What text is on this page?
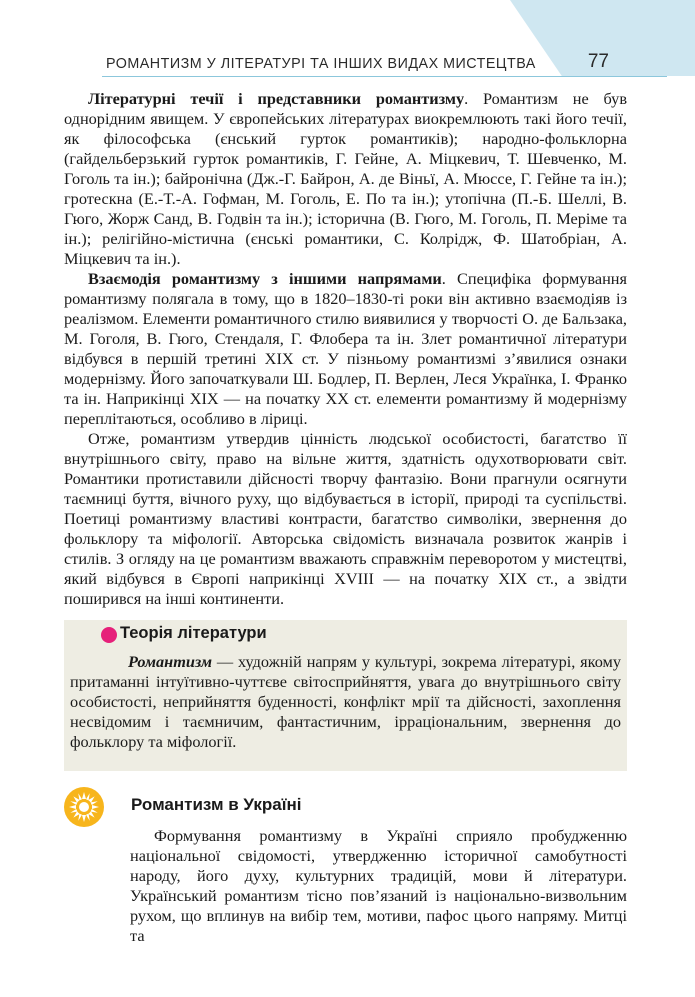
РОМАНТИЗМ У ЛІТЕРАТУРІ ТА ІНШИХ ВИДАХ МИСТЕЦТВА	77

Літературні течії і представники романтизму. Романтизм не був однорідним явищем. У європейських літературах виокремлюють такі його течії, як філософська (єнський гурток романтиків); народно-фольклорна (гайдельберзький гурток романтиків, Г. Гейне, А. Міцкевич, Т. Шевченко, М. Гоголь та ін.); байронічна (Дж.-Г. Байрон, А. де Віньї, А. Мюссе, Г. Гейне та ін.); гротескна (Е.-Т.-А. Гофман, М. Гоголь, Е. По та ін.); утопічна (П.-Б. Шеллі, В. Гюго, Жорж Санд, В. Годвін та ін.); історична (В. Гюго, М. Гоголь, П. Меріме та ін.); релігійно-містична (єнські романтики, С. Колрідж, Ф. Шатобріан, А. Міцкевич та ін.).

Взаємодія романтизму з іншими напрямами. Специфіка формування романтизму полягала в тому, що в 1820–1830-ті роки він активно взаємодіяв із реалізмом. Елементи романтичного стилю виявилися у творчості О. де Бальзака, М. Гоголя, В. Гюго, Стендаля, Г. Флобера та ін. Злет романтичної літератури відбувся в першій третині XIX ст. У пізньому романтизмі з’явилися ознаки модернізму. Його започаткували Ш. Бодлер, П. Верлен, Леся Українка, І. Франко та ін. Наприкінці XIX — на початку XX ст. елементи романтизму й модернізму переплітаються, особливо в ліриці.

Отже, романтизм утвердив цінність людської особистості, багатство її внутрішнього світу, право на вільне життя, здатність одухотворювати світ. Романтики протиставили дійсності творчу фантазію. Вони прагнули осягнути таємниці буття, вічного руху, що відбувається в історії, природі та суспільстві. Поетиці романтизму властиві контрасти, багатство символіки, звернення до фольклору та міфології. Авторська свідомість визначала розвиток жанрів і стилів. З огляду на це романтизм вважають справжнім переворотом у мистецтві, який відбувся в Європі наприкінці XVIII — на початку XIX ст., а звідти поширився на інші континенти.

Теорія літератури

Романтизм — художній напрям у культурі, зокрема літературі, якому притаманні інтуїтивно-чуттєве світосприйняття, увага до внутрішнього світу особистості, неприйняття буденності, конфлікт мрії та дійсності, захоплення несвідомим і таємничим, фантастичним, ірраціональним, звернення до фольклору та міфології.

Романтизм в Україні

Формування романтизму в Україні сприяло пробудженню національної свідомості, утвердженню історичної самобутності народу, його духу, культурних традицій, мови й літератури. Український романтизм тісно пов’язаний із національно-визвольним рухом, що вплинув на вибір тем, мотиви, пафос цього напряму. Митці та
